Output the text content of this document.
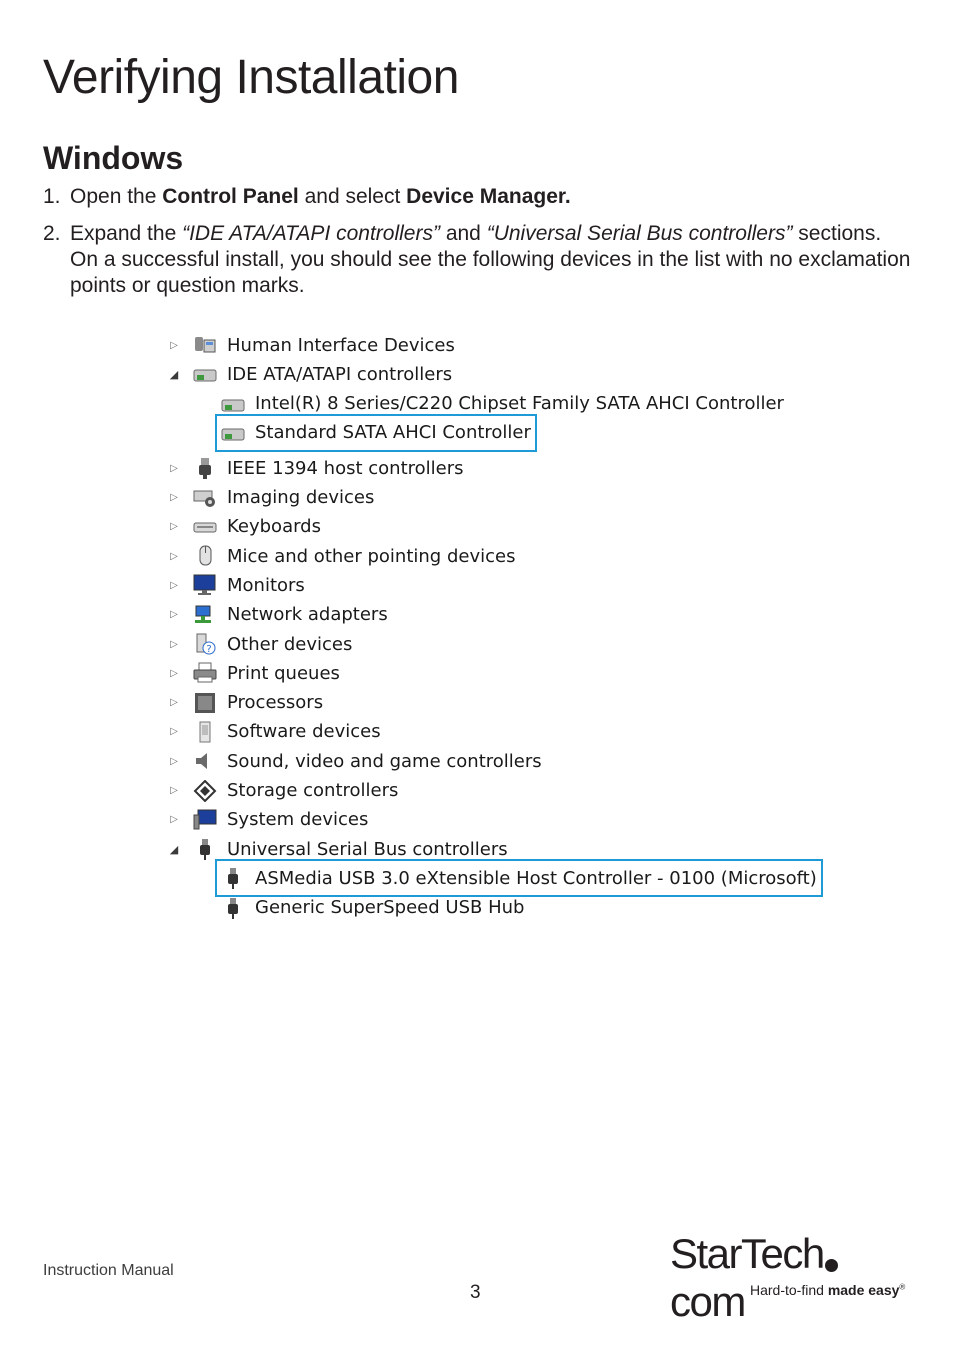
Verifying Installation
Windows
1. Open the Control Panel and select Device Manager.
2. Expand the “IDE ATA/ATAPI controllers” and “Universal Serial Bus controllers” sections. On a successful install, you should see the following devices in the list with no exclamation points or question marks.
▷	Human Interface Devices
◢	IDE ATA/ATAPI controllers
Intel(R) 8 Series/C220 Chipset Family SATA AHCI Controller
Standard SATA AHCI Controller
▷	IEEE 1394 host controllers
▷	Imaging devices
▷	Keyboards
▷	Mice and other pointing devices
▷	Monitors
▷	Network adapters
▷	? Other devices
▷	Print queues
▷	Processors
▷	Software devices
▷	Sound, video and game controllers
▷	Storage controllers
▷	System devices
◢	Universal Serial Bus controllers
ASMedia USB 3.0 eXtensible Host Controller - 0100 (Microsoft)
Generic SuperSpeed USB Hub
Instruction Manual
3
StarTechcom Hard-to-find made easy®
